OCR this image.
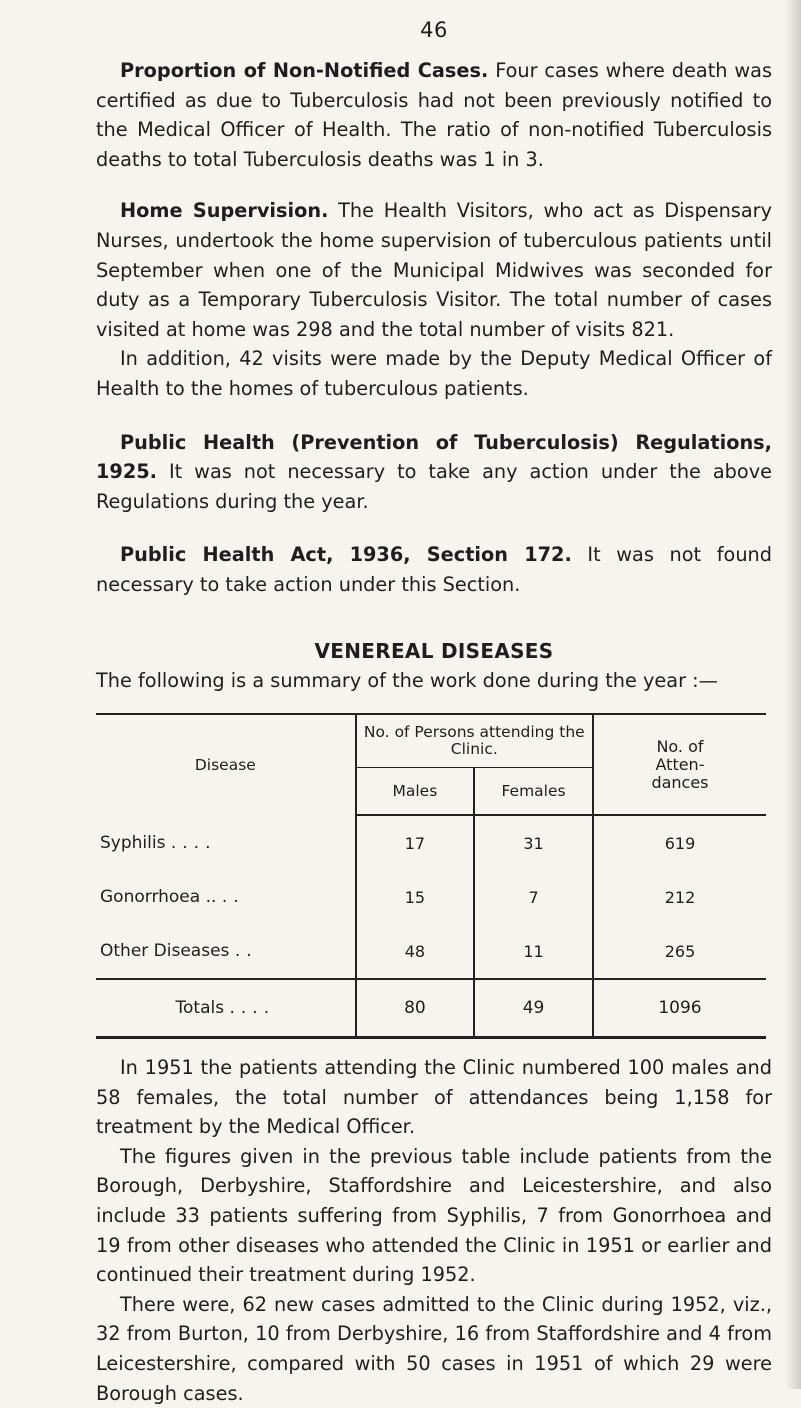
46

Proportion of Non-Notified Cases. Four cases where death was certified as due to Tuberculosis had not been previously notified to the Medical Officer of Health. The ratio of non-notified Tuberculosis deaths to total Tuberculosis deaths was 1 in 3.

Home Supervision. The Health Visitors, who act as Dispensary Nurses, undertook the home supervision of tuberculous patients until September when one of the Municipal Midwives was seconded for duty as a Temporary Tuberculosis Visitor. The total number of cases visited at home was 298 and the total number of visits 821.

In addition, 42 visits were made by the Deputy Medical Officer of Health to the homes of tuberculous patients.

Public Health (Prevention of Tuberculosis) Regulations, 1925. It was not necessary to take any action under the above Regulations during the year.

Public Health Act, 1936, Section 172. It was not found necessary to take action under this Section.

VENEREAL DISEASES

The following is a summary of the work done during the year :—

Disease	No. of Persons attending the Clinic.		No. of Atten- dances
	Males	Females	
Syphilis ....	17	31	619
Gonorrhoea .. ..	15	7	212
Other Diseases ..	48	11	265
Totals ....	80	49	1096

In 1951 the patients attending the Clinic numbered 100 males and 58 females, the total number of attendances being 1,158 for treatment by the Medical Officer.

The figures given in the previous table include patients from the Borough, Derbyshire, Staffordshire and Leicestershire, and also include 33 patients suffering from Syphilis, 7 from Gonorrhoea and 19 from other diseases who attended the Clinic in 1951 or earlier and continued their treatment during 1952.

There were, 62 new cases admitted to the Clinic during 1952, viz., 32 from Burton, 10 from Derbyshire, 16 from Staffordshire and 4 from Leicestershire, compared with 50 cases in 1951 of which 29 were Borough cases.
